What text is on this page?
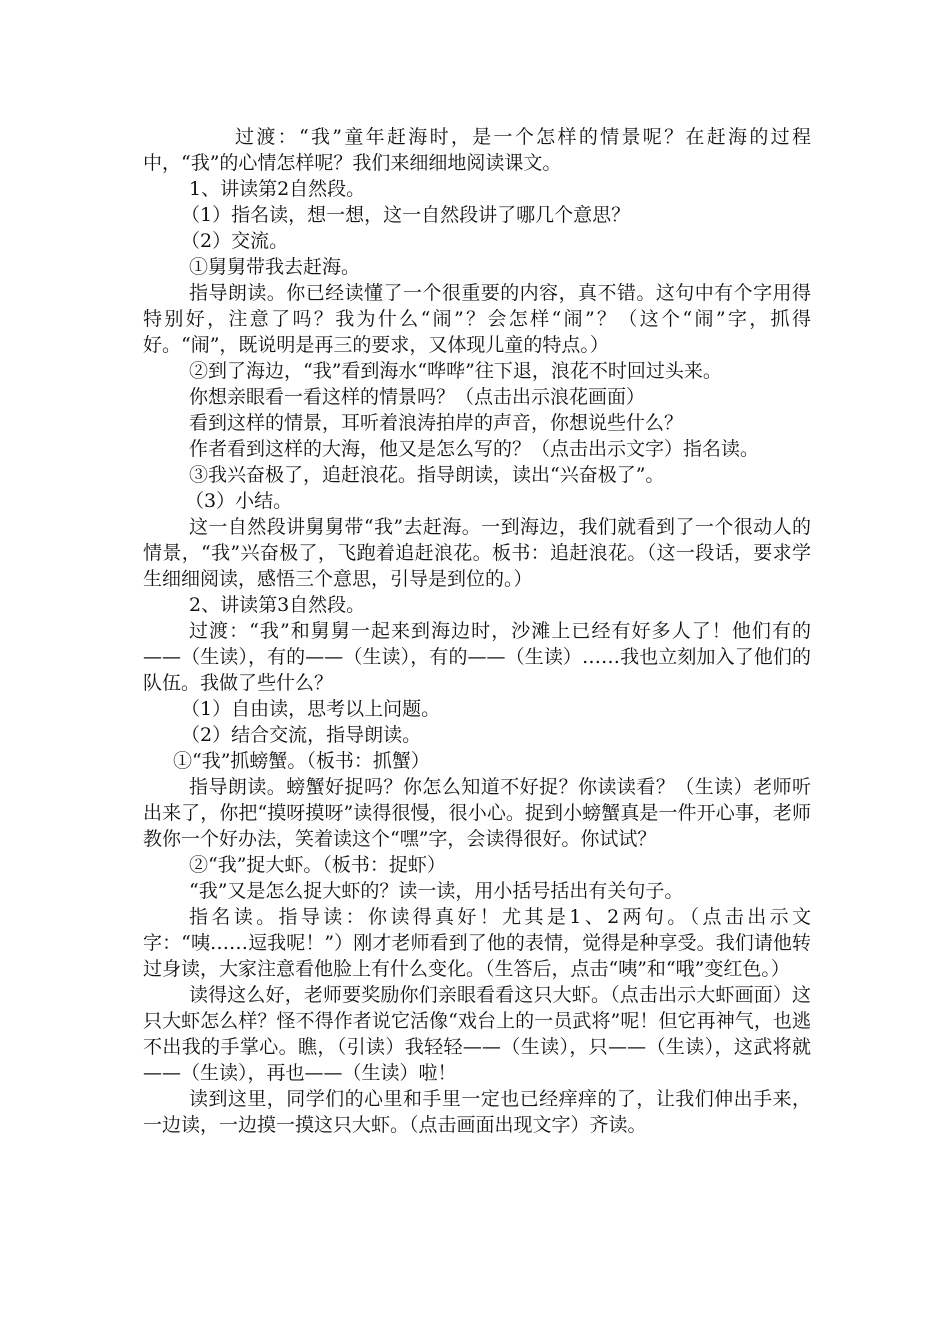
过渡：“我”童年赶海时，是一个怎样的情景呢？在赶海的过程中，“我”的心情怎样呢？我们来细细地阅读课文。

1、讲读第2自然段。

（1）指名读，想一想，这一自然段讲了哪几个意思？

（2）交流。

①舅舅带我去赶海。

指导朗读。你已经读懂了一个很重要的内容，真不错。这句中有个字用得特别好，注意了吗？我为什么“闹”？会怎样“闹”？（这个“闹”字，抓得好。“闹”，既说明是再三的要求，又体现儿童的特点。）

②到了海边，“我”看到海水“哗哗”往下退，浪花不时回过头来。

你想亲眼看一看这样的情景吗？（点击出示浪花画面）

看到这样的情景，耳听着浪涛拍岸的声音，你想说些什么？

作者看到这样的大海，他又是怎么写的？（点击出示文字）指名读。

③我兴奋极了，追赶浪花。指导朗读，读出“兴奋极了”。

（3）小结。

这一自然段讲舅舅带“我”去赶海。一到海边，我们就看到了一个很动人的情景，“我”兴奋极了，飞跑着追赶浪花。板书：追赶浪花。（这一段话，要求学生细细阅读，感悟三个意思，引导是到位的。）

2、讲读第3自然段。

过渡：“我”和舅舅一起来到海边时，沙滩上已经有好多人了！他们有的——（生读），有的——（生读），有的——（生读）……我也立刻加入了他们的队伍。我做了些什么？

（1）自由读，思考以上问题。

（2）结合交流，指导朗读。

①“我”抓螃蟹。（板书：抓蟹）

指导朗读。螃蟹好捉吗？你怎么知道不好捉？你读读看？（生读）老师听出来了，你把“摸呀摸呀”读得很慢，很小心。捉到小螃蟹真是一件开心事，老师教你一个好办法，笑着读这个“嘿”字，会读得很好。你试试？

②“我”捉大虾。（板书：捉虾）

“我”又是怎么捉大虾的？读一读，用小括号括出有关句子。

指名读。指导读：你读得真好！尤其是1、2两句。（点击出示文字：“咦……逗我呢！”）刚才老师看到了他的表情，觉得是种享受。我们请他转过身读，大家注意看他脸上有什么变化。（生答后，点击“咦”和“哦”变红色。）

读得这么好，老师要奖励你们亲眼看看这只大虾。（点击出示大虾画面）这只大虾怎么样？怪不得作者说它活像“戏台上的一员武将”呢！但它再神气，也逃不出我的手掌心。瞧，（引读）我轻轻——（生读），只——（生读），这武将就——（生读），再也——（生读）啦！

读到这里，同学们的心里和手里一定也已经痒痒的了，让我们伸出手来，一边读，一边摸一摸这只大虾。（点击画面出现文字）齐读。
